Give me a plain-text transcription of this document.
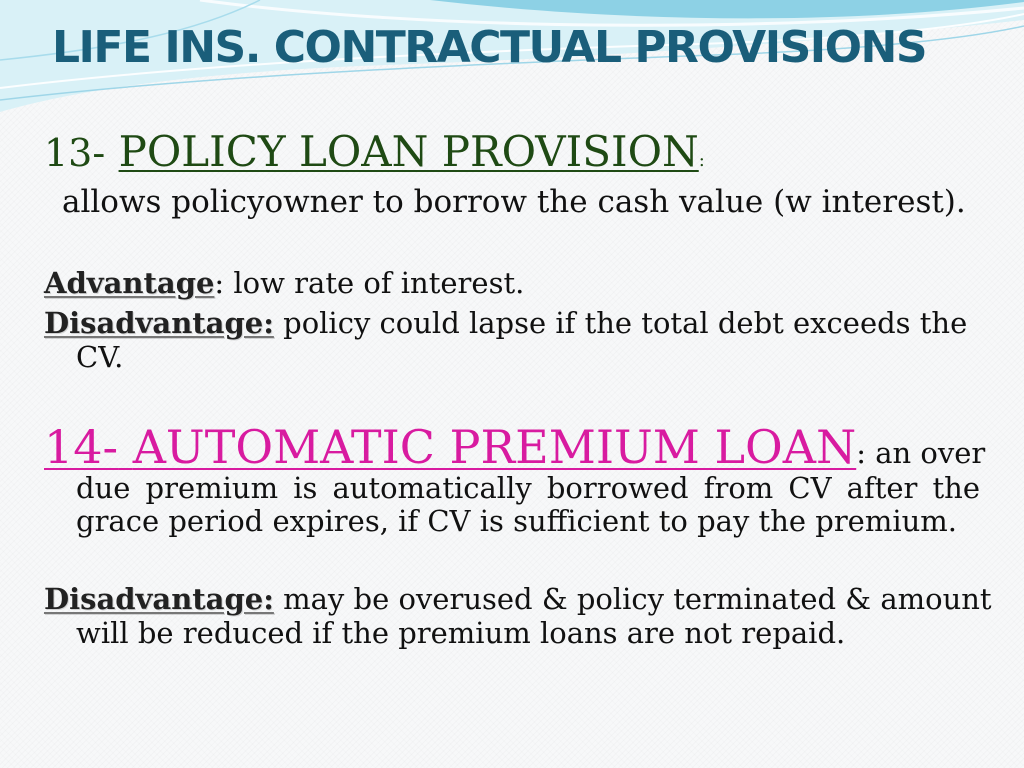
LIFE INS. CONTRACTUAL PROVISIONS
13- POLICY LOAN PROVISION:
allows policyowner to borrow the cash value (w interest).
Advantage: low rate of interest.
Disadvantage: policy could lapse if the total debt exceeds the
CV.
14- AUTOMATIC PREMIUM LOAN: an over
due premium is automatically borrowed from CV after the grace period expires, if CV is sufficient to pay the premium.
Disadvantage: may be overused & policy terminated & amount
will be reduced if the premium loans are not repaid.
